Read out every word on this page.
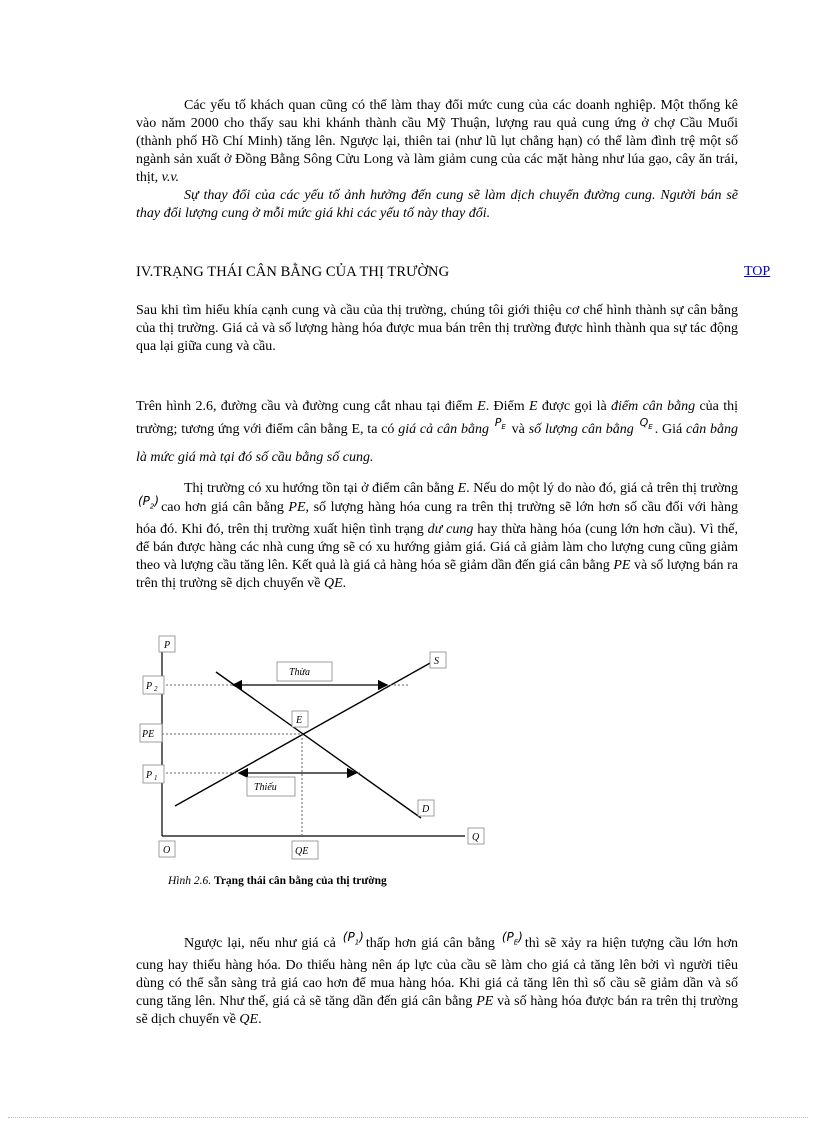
Các yếu tố khách quan cũng có thể làm thay đổi mức cung của các doanh nghiệp. Một thống kê vào năm 2000 cho thấy sau khi khánh thành cầu Mỹ Thuận, lượng rau quả cung ứng ở chợ Cầu Muối (thành phố Hồ Chí Minh) tăng lên. Ngược lại, thiên tai (như lũ lụt chẳng hạn) có thể làm đình trệ một số ngành sản xuất ở Đồng Bằng Sông Cửu Long và làm giảm cung của các mặt hàng như lúa gạo, cây ăn trái, thịt, v.v.
Sự thay đổi của các yếu tố ảnh hưởng đến cung sẽ làm dịch chuyển đường cung. Người bán sẽ thay đổi lượng cung ở mỗi mức giá khi các yếu tố này thay đổi.
IV.TRẠNG THÁI CÂN BẰNG CỦA THỊ TRƯỜNG	TOP
Sau khi tìm hiểu khía cạnh cung và cầu của thị trường, chúng tôi giới thiệu cơ chế hình thành sự cân bằng của thị trường. Giá cả và số lượng hàng hóa được mua bán trên thị trường được hình thành qua sự tác động qua lại giữa cung và cầu.
Trên hình 2.6, đường cầu và đường cung cắt nhau tại điểm E. Điểm E được gọi là điểm cân bằng của thị trường; tương ứng với điểm cân bằng E, ta có giá cả cân bằng $^{P_E}$ và số lượng cân bằng $^{Q_E}$ . Giá cân bằng là mức giá mà tại đó số cầu bằng số cung.
Thị trường có xu hướng tồn tại ở điểm cân bằng E. Nếu do một lý do nào đó, giá cả trên thị trường $(P_2)$ cao hơn giá cân bằng PE, số lượng hàng hóa cung ra trên thị trường sẽ lớn hơn số cầu đối với hàng hóa đó. Khi đó, trên thị trường xuất hiện tình trạng dư cung hay thừa hàng hóa (cung lớn hơn cầu). Vì thế, để bán được hàng các nhà cung ứng sẽ có xu hướng giảm giá. Giá cả giảm làm cho lượng cung cũng giảm theo và lượng cầu tăng lên. Kết quả là giá cả hàng hóa sẽ giảm dần đến giá cân bằng PE và số lượng bán ra trên thị trường sẽ dịch chuyển về QE.
P
P 2
PE
P 1
O	QE
Q
E
S
D
Thừa
Thiếu
Hình 2.6. Trạng thái cân bằng của thị trường
Ngược lại, nếu như giá cả $(P_1)$ thấp hơn giá cân bằng $(P_E)$ thì sẽ xảy ra hiện tượng cầu lớn hơn cung hay thiếu hàng hóa. Do thiếu hàng nên áp lực của cầu sẽ làm cho giá cả tăng lên bởi vì người tiêu dùng có thể sẵn sàng trả giá cao hơn để mua hàng hóa. Khi giá cả tăng lên thì số cầu sẽ giảm dần và số cung tăng lên. Như thế, giá cả sẽ tăng dần đến giá cân bằng PE và số hàng hóa được bán ra trên thị trường sẽ dịch chuyển về QE.
